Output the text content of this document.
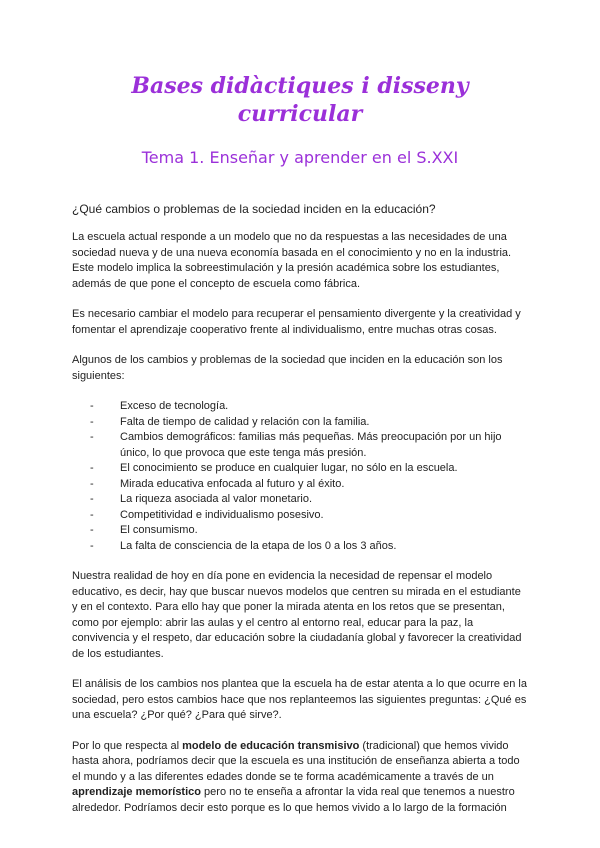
Bases didàctiques i disseny curricular
Tema 1. Enseñar y aprender en el S.XXI
¿Qué cambios o problemas de la sociedad inciden en la educación?

La escuela actual responde a un modelo que no da respuestas a las necesidades de una sociedad nueva y de una nueva economía basada en el conocimiento y no en la industria. Este modelo implica la sobreestimulación y la presión académica sobre los estudiantes, además de que pone el concepto de escuela como fábrica.

Es necesario cambiar el modelo para recuperar el pensamiento divergente y la creatividad y fomentar el aprendizaje cooperativo frente al individualismo, entre muchas otras cosas.

Algunos de los cambios y problemas de la sociedad que inciden en la educación son los siguientes:

- Exceso de tecnología.
- Falta de tiempo de calidad y relación con la familia.
- Cambios demográficos: familias más pequeñas. Más preocupación por un hijo único, lo que provoca que este tenga más presión.
- El conocimiento se produce en cualquier lugar, no sólo en la escuela.
- Mirada educativa enfocada al futuro y al éxito.
- La riqueza asociada al valor monetario.
- Competitividad e individualismo posesivo.
- El consumismo.
- La falta de consciencia de la etapa de los 0 a los 3 años.

Nuestra realidad de hoy en día pone en evidencia la necesidad de repensar el modelo educativo, es decir, hay que buscar nuevos modelos que centren su mirada en el estudiante y en el contexto. Para ello hay que poner la mirada atenta en los retos que se presentan, como por ejemplo: abrir las aulas y el centro al entorno real, educar para la paz, la convivencia y el respeto, dar educación sobre la ciudadanía global y favorecer la creatividad de los estudiantes.

El análisis de los cambios nos plantea que la escuela ha de estar atenta a lo que ocurre en la sociedad, pero estos cambios hace que nos replanteemos las siguientes preguntas: ¿Qué es una escuela? ¿Por qué? ¿Para qué sirve?.

Por lo que respecta al modelo de educación transmisivo (tradicional) que hemos vivido hasta ahora, podríamos decir que la escuela es una institución de enseñanza abierta a todo el mundo y a las diferentes edades donde se te forma académicamente a través de un aprendizaje memorístico pero no te enseña a afrontar la vida real que tenemos a nuestro alrededor. Podríamos decir esto porque es lo que hemos vivido a lo largo de la formación
